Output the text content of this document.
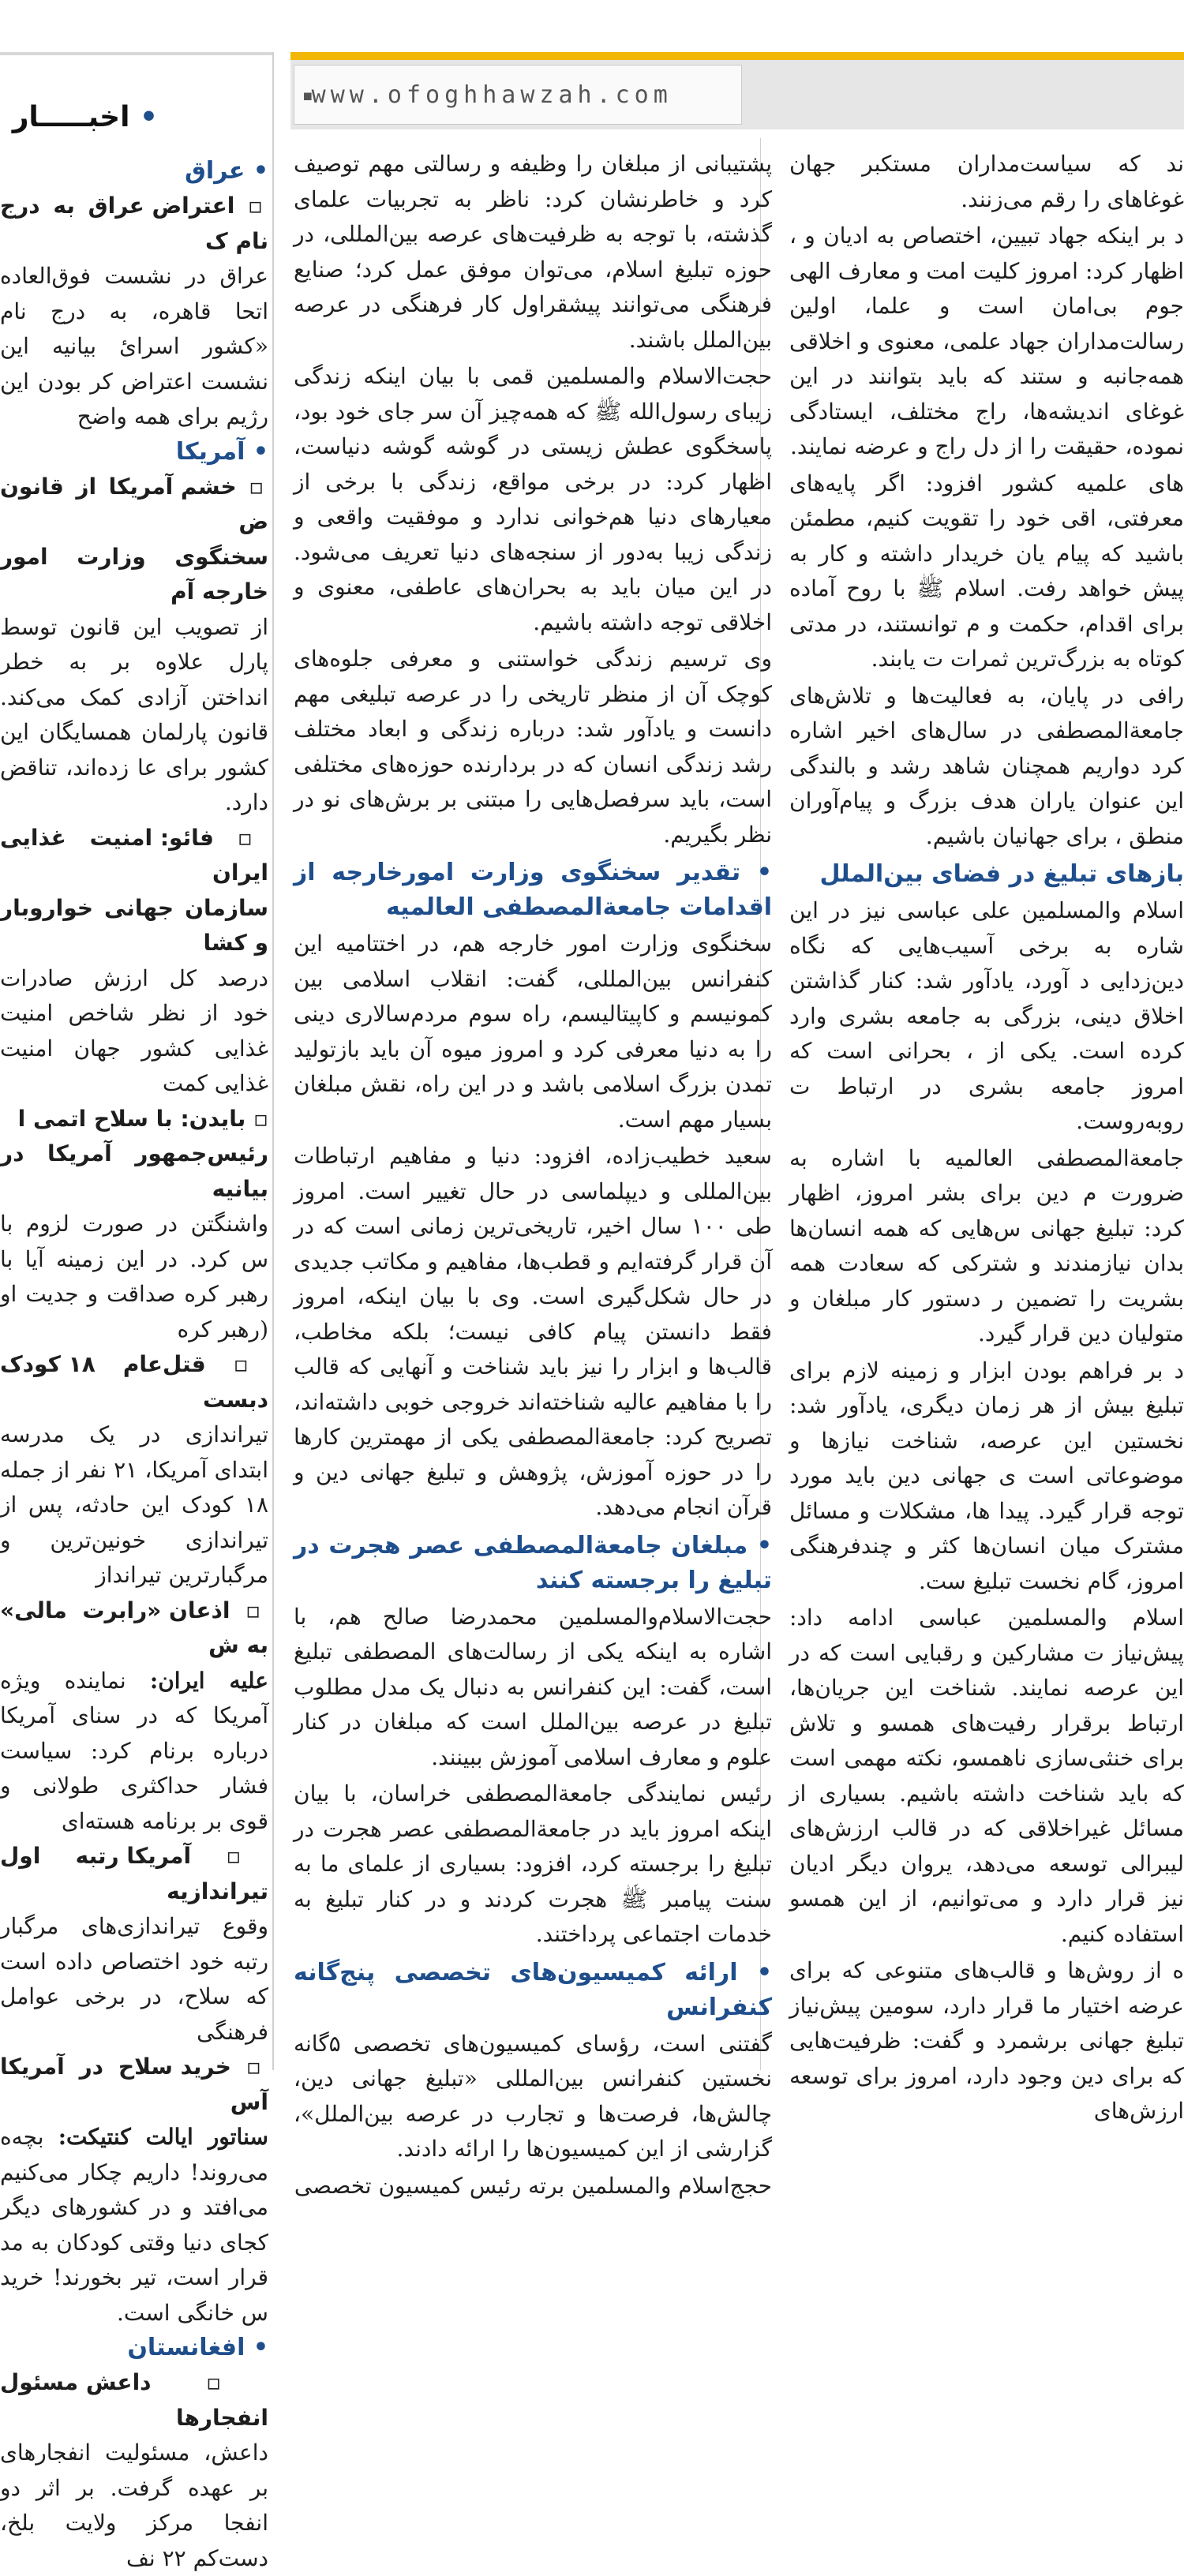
■www.ofoghhawzah.com
• اخبـــــار
• عراق
▫ اعتراض عراق به درج نام ک

عراق در نشست فوق‌العاده اتحا قاهره، به درج نام «کشور اسرائ بیانیه این نشست اعتراض کر بودن این رژیم برای همه واضح

• آمریکا
▫ خشم آمریکا از قانون ض
سخنگوی وزارت امور خارجه آم

از تصویب این قانون توسط پارل علاوه بر به خطر انداختن آزادی کمک می‌کند. قانون پارلمان همسایگان این کشور برای عا زده‌اند، تناقض دارد.

▫ فائو: امنیت غذایی ایران
سازمان جهانی خواروبار و کشا

درصد کل ارزش صادرات خود از نظر شاخص امنیت غذایی کشور جهان امنیت غذایی کمت

▫ بایدن: با سلاح اتمی ا
رئیس‌جمهور آمریکا در بیانیه

واشنگتن در صورت لزوم با س کرد. در این زمینه آیا با رهبر کره صداقت و جدیت او (رهبر کره

▫ قتل‌عام ۱۸ کودک دبست

تیراندازی در یک مدرسه ابتدای آمریکا، ۲۱ نفر از جمله ۱۸ کودک این حادثه، پس از تیراندازی خونین‌ترین و مرگبارترین تیرانداز

▫ اذعان «رابرت مالی» به ش

علیه ایران: نماینده ویژه آمریکا که در سنای آمریکا درباره برنام کرد: سیاست فشار حداکثری طولانی و قوی بر برنامه هسته‌ای

▫ آمریکا رتبه اول تیراندازیه

وقوع تیراندازی‌های مرگبار رتبه خود اختصاص داده است که سلاح، در برخی عوامل فرهنگی

▫ خرید سلاح در آمریکا آس

سناتور ایالت کنتیکت: بچه‌ه می‌روند! داریم چکار می‌کنیم می‌افتد و در کشورهای دیگر کجای دنیا وقتی کودکان به مد قرار است، تیر بخورند! خرید س خانگی است.

• افغانستان
▫ داعش مسئول انفجارها

داعش، مسئولیت انفجارهای بر عهده گرفت. بر اثر دو انفجا مرکز ولایت بلخ، دست‌کم ۲۲ نف

پشتیبانی از مبلغان را وظیفه و رسالتی مهم توصیف کرد و خاطرنشان کرد: ناظر به تجربیات علمای گذشته، با توجه به ظرفیت‌های عرصه بین‌المللی، در حوزه تبلیغ اسلام، می‌توان موفق عمل کرد؛ صنایع فرهنگی می‌توانند پیشقراول کار فرهنگی در عرصه بین‌الملل باشند.

حجت‌الاسلام والمسلمین قمی با بیان اینکه زندگی زیبای رسول‌الله ﷺ که همه‌چیز آن سر جای خود بود، پاسخگوی عطش زیستی در گوشه گوشه دنیاست، اظهار کرد: در برخی مواقع، زندگی با برخی از معیارهای دنیا هم‌خوانی ندارد و موفقیت واقعی و زندگی زیبا به‌دور از سنجه‌های دنیا تعریف می‌شود. در این میان باید به بحران‌های عاطفی، معنوی و اخلاقی توجه داشته باشیم.

وی ترسیم زندگی خواستنی و معرفی جلوه‌های کوچک آن از منظر تاریخی را در عرصه تبلیغی مهم دانست و یادآور شد: درباره زندگی و ابعاد مختلف رشد زندگی انسان که در بردارنده حوزه‌های مختلفی است، باید سرفصل‌هایی را مبتنی بر برش‌های نو در نظر بگیریم.

• تقدیر سخنگوی وزارت امورخارجه از اقدامات جامعة‌المصطفی العالمیه

سخنگوی وزارت امور خارجه هم، در اختتامیه این کنفرانس بین‌المللی، گفت: انقلاب اسلامی بین کمونیسم و کاپیتالیسم، راه سوم مردم‌سالاری دینی را به دنیا معرفی کرد و امروز میوه آن باید بازتولید تمدن بزرگ اسلامی باشد و در این راه، نقش مبلغان بسیار مهم است.

سعید خطیب‌زاده، افزود: دنیا و مفاهیم ارتباطات بین‌المللی و دیپلماسی در حال تغییر است. امروز طی ۱۰۰ سال اخیر، تاریخی‌ترین زمانی است که در آن قرار گرفته‌ایم و قطب‌ها، مفاهیم و مکاتب جدیدی در حال شکل‌گیری است. وی با بیان اینکه، امروز فقط دانستن پیام کافی نیست؛ بلکه مخاطب، قالب‌ها و ابزار را نیز باید شناخت و آنهایی که قالب را با مفاهیم عالیه شناخته‌اند خروجی خوبی داشته‌اند، تصریح کرد: جامعة‌المصطفی یکی از مهمترین کارها را در حوزه آموزش، پژوهش و تبلیغ جهانی دین و قرآن انجام می‌دهد.

• مبلغان جامعة‌المصطفی عصر هجرت در تبلیغ را برجسته کنند

حجت‌الاسلام‌والمسلمین محمدرضا صالح هم، با اشاره به اینکه یکی از رسالت‌های المصطفی تبلیغ است، گفت: این کنفرانس به دنبال یک مدل مطلوب تبلیغ در عرصه بین‌الملل است که مبلغان در کنار علوم و معارف اسلامی آموزش ببینند.

رئیس نمایندگی جامعة‌المصطفی خراسان، با بیان اینکه امروز باید در جامعة‌المصطفی عصر هجرت در تبلیغ را برجسته کرد، افزود: بسیاری از علمای ما به سنت پیامبر ﷺ هجرت کردند و در کنار تبلیغ به خدمات اجتماعی پرداختند.

• ارائه کمیسیون‌های تخصصی پنج‌گانه کنفرانس

گفتنی است، رؤسای کمیسیون‌های تخصصی ۵گانه نخستین کنفرانس بین‌المللی «تبلیغ جهانی دین، چالش‌ها، فرصت‌ها و تجارب در عرصه بین‌الملل»، گزارشی از این کمیسیون‌ها را ارائه دادند.

حجج‌اسلام والمسلمین برته رئیس کمیسیون تخصصی

ند که سیاست‌مداران مستکبر جهان غوغاهای را رقم می‌زنند.

د بر اینکه جهاد تبیین، اختصاص به ادیان و ، اظهار کرد: امروز کلیت امت و معارف الهی جوم بی‌امان است و علما، اولین رسالت‌مداران جهاد علمی، معنوی و اخلاقی همه‌جانبه و ستند که باید بتوانند در این غوغای اندیشه‌ها، راج مختلف، ایستادگی نموده، حقیقت را از دل راج و عرضه نمایند.

های علمیه کشور افزود: اگر پایه‌های معرفتی، اقی خود را تقویت کنیم، مطمئن باشید که پیام یان خریدار داشته و کار به پیش خواهد رفت. اسلام ﷺ با روح آماده برای اقدام، حکمت و م توانستند، در مدتی کوتاه به بزرگ‌ترین ثمرات ت یابند.

رافی در پایان، به فعالیت‌ها و تلاش‌های جامعة‌المصطفی در سال‌های اخیر اشاره کرد دواریم همچنان شاهد رشد و بالندگی این عنوان یاران هدف بزرگ و پیام‌آوران منطق ، برای جهانیان باشیم.

بازهای تبلیغ در فضای بین‌الملل

اسلام والمسلمین علی عباسی نیز در این شاره به برخی آسیب‌هایی که نگاه دین‌زدایی د آورد، یادآور شد: کنار گذاشتن اخلاق دینی، بزرگی به جامعه بشری وارد کرده است. یکی از ، بحرانی است که امروز جامعه بشری در ارتباط ت روبه‌روست.

جامعة‌المصطفی العالمیه با اشاره به ضرورت م دین برای بشر امروز، اظهار کرد: تبلیغ جهانی س‌هایی که همه انسان‌ها بدان نیازمندند و شترکی که سعادت همه بشریت را تضمین ر دستور کار مبلغان و متولیان دین قرار گیرد.

د بر فراهم بودن ابزار و زمینه لازم برای تبلیغ بیش از هر زمان دیگری، یادآور شد: نخستین این عرصه، شناخت نیازها و موضوعاتی است ی جهانی دین باید مورد توجه قرار گیرد. پیدا ها، مشکلات و مسائل مشترک میان انسان‌ها کثر و چندفرهنگی امروز، گام نخست تبلیغ ست.

اسلام والمسلمین عباسی ادامه داد: پیش‌نیاز ت مشارکین و رقبایی است که در این عرصه نمایند. شناخت این جریان‌ها، ارتباط برقرار رفیت‌های همسو و تلاش برای خنثی‌سازی ناهمسو، نکته مهمی است که باید شناخت داشته باشیم. بسیاری از مسائل غیراخلاقی که در قالب ارزش‌های لیبرالی توسعه می‌دهد، یروان دیگر ادیان نیز قرار دارد و می‌توانیم، از این همسو استفاده کنیم.

ه از روش‌ها و قالب‌های متنوعی که برای عرضه اختیار ما قرار دارد، سومین پیش‌نیاز تبلیغ جهانی برشمرد و گفت: ظرفیت‌هایی که برای دین وجود دارد، امروز برای توسعه ارزش‌های
